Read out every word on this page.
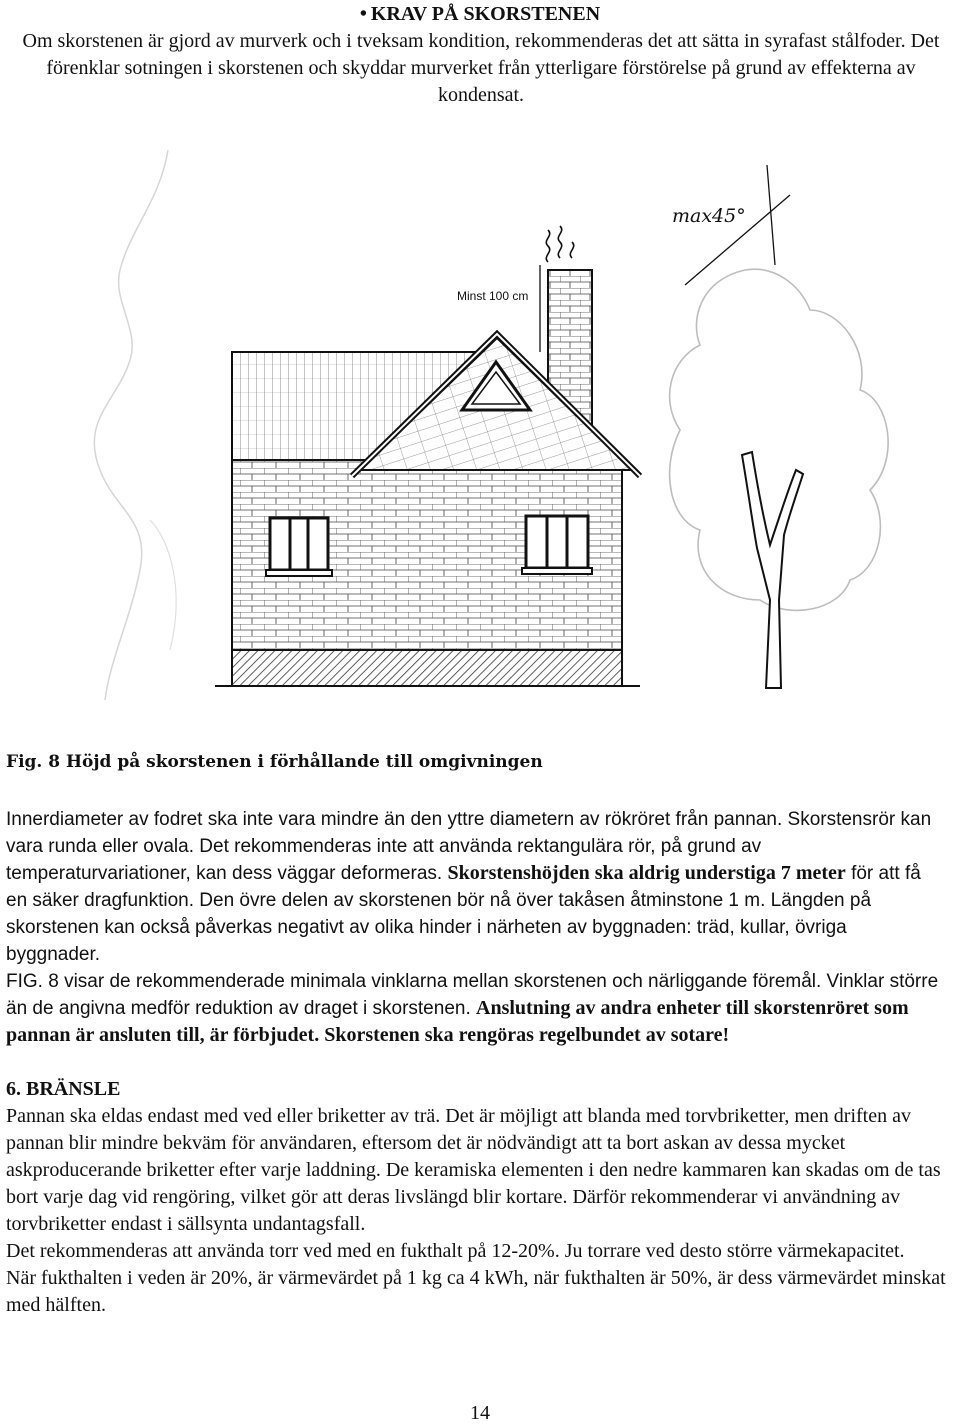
• KRAV PÅ SKORSTENEN

Om skorstenen är gjord av murverk och i tveksam kondition, rekommenderas det att sätta in syrafast stålfoder. Det förenklar sotningen i skorstenen och skyddar murverket från ytterligare förstörelse på grund av effekterna av kondensat.

max45°
Minst 100 cm
Fig. 8 Höjd på skorstenen i förhållande till omgivningen

Innerdiameter av fodret ska inte vara mindre än den yttre diametern av rökröret från pannan. Skorstensrör kan vara runda eller ovala. Det rekommenderas inte att använda rektangulära rör, på grund av temperaturvariationer, kan dess väggar deformeras. Skorstenshöjden ska aldrig understiga 7 meter för att få en säker dragfunktion. Den övre delen av skorstenen bör nå över takåsen åtminstone 1 m. Längden på skorstenen kan också påverkas negativt av olika hinder i närheten av byggnaden: träd, kullar, övriga byggnader.

FIG. 8 visar de rekommenderade minimala vinklarna mellan skorstenen och närliggande föremål. Vinklar större än de angivna medför reduktion av draget i skorstenen. Anslutning av andra enheter till skorstenröret som pannan är ansluten till, är förbjudet. Skorstenen ska rengöras regelbundet av sotare!

6. BRÄNSLE

Pannan ska eldas endast med ved eller briketter av trä. Det är möjligt att blanda med torvbriketter, men driften av pannan blir mindre bekväm för användaren, eftersom det är nödvändigt att ta bort askan av dessa mycket askproducerande briketter efter varje laddning. De keramiska elementen i den nedre kammaren kan skadas om de tas bort varje dag vid rengöring, vilket gör att deras livslängd blir kortare. Därför rekommenderar vi användning av torvbriketter endast i sällsynta undantagsfall.

Det rekommenderas att använda torr ved med en fukthalt på 12-20%. Ju torrare ved desto större värmekapacitet.

När fukthalten i veden är 20%, är värmevärdet på 1 kg ca 4 kWh, när fukthalten är 50%, är dess värmevärdet minskat med hälften.

14
